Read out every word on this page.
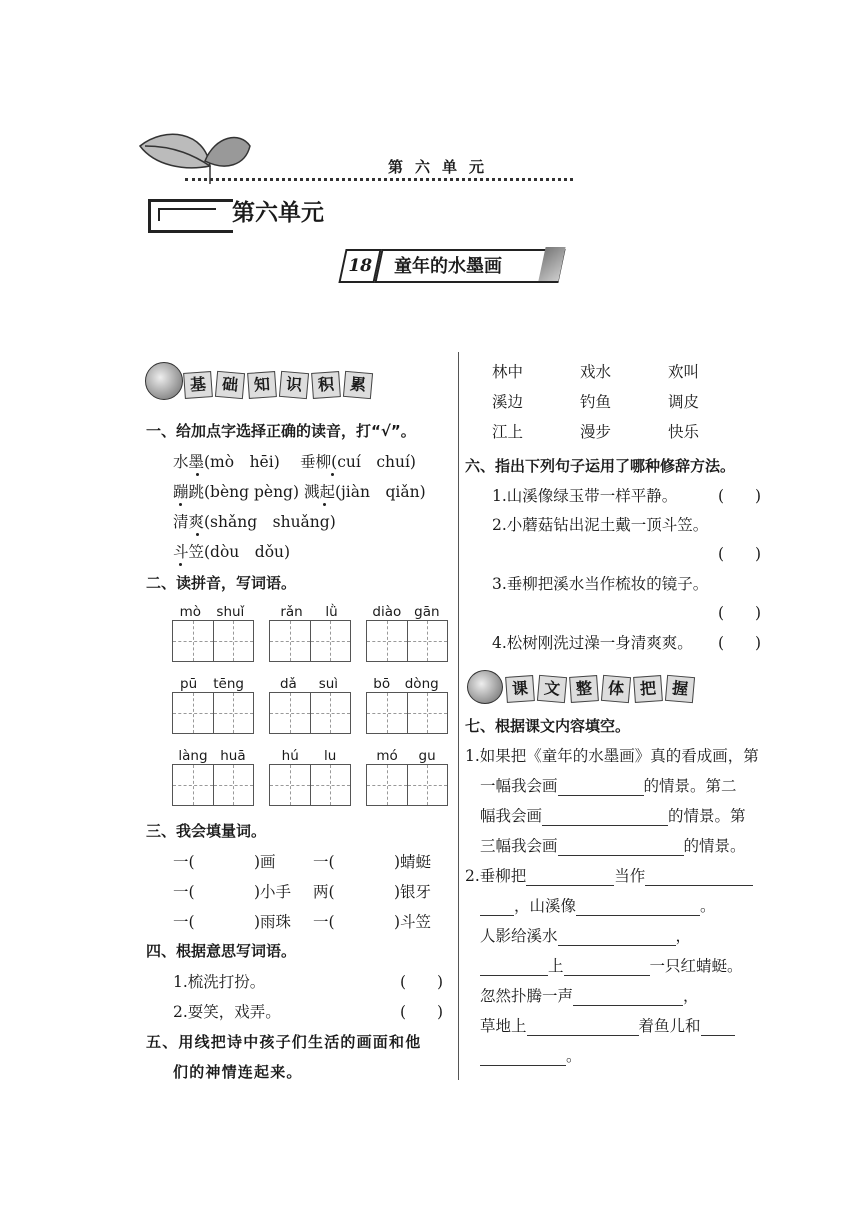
第六单元
第六单元
18	童年的水墨画
基 础 知 识 积 累
一、给加点字选择正确的读音，打“√”。
水墨(mò　hēi)　 垂柳(cuí　chuí)
蹦跳(bèng pèng) 溅起(jiàn　qiǎn)
清爽(shǎng　shuǎng)
斗笠(dòu　dǒu)
二、读拼音，写词语。
mò shuǐ	rǎn lǜ	diào gān
pū tēng	dǎ suì	bō dòng
làng huā	hú lu	mó gu
三、我会填量词。
一( 　　)画 一( 　　)蜻蜓
一( 　　)小手 两( 　　)银牙
一( 　　)雨珠 一( 　　)斗笠
四、根据意思写词语。
1.梳洗打扮。	(　　)
2.耍笑，戏弄。	(　　)
五、用线把诗中孩子们生活的画面和他
们的神情连起来。
林中	戏水	欢叫
溪边	钓鱼	调皮
江上	漫步	快乐
六、指出下列句子运用了哪种修辞方法。
1.山溪像绿玉带一样平静。	(　　)
2.小蘑菇钻出泥土戴一顶斗笠。
(　　)
3.垂柳把溪水当作梳妆的镜子。
(　　)
4.松树刚洗过澡一身清爽爽。 (　　)
课 文 整 体 把 握
七、根据课文内容填空。
1.如果把《童年的水墨画》真的看成画，第
一幅我会画	的情景。第二
幅我会画	的情景。第
三幅我会画	的情景。
2.垂柳把	当作
，山溪像	。
人影给溪水	，
上	一只红蜻蜓。
忽然扑腾一声	，
草地上	着鱼儿和
。
